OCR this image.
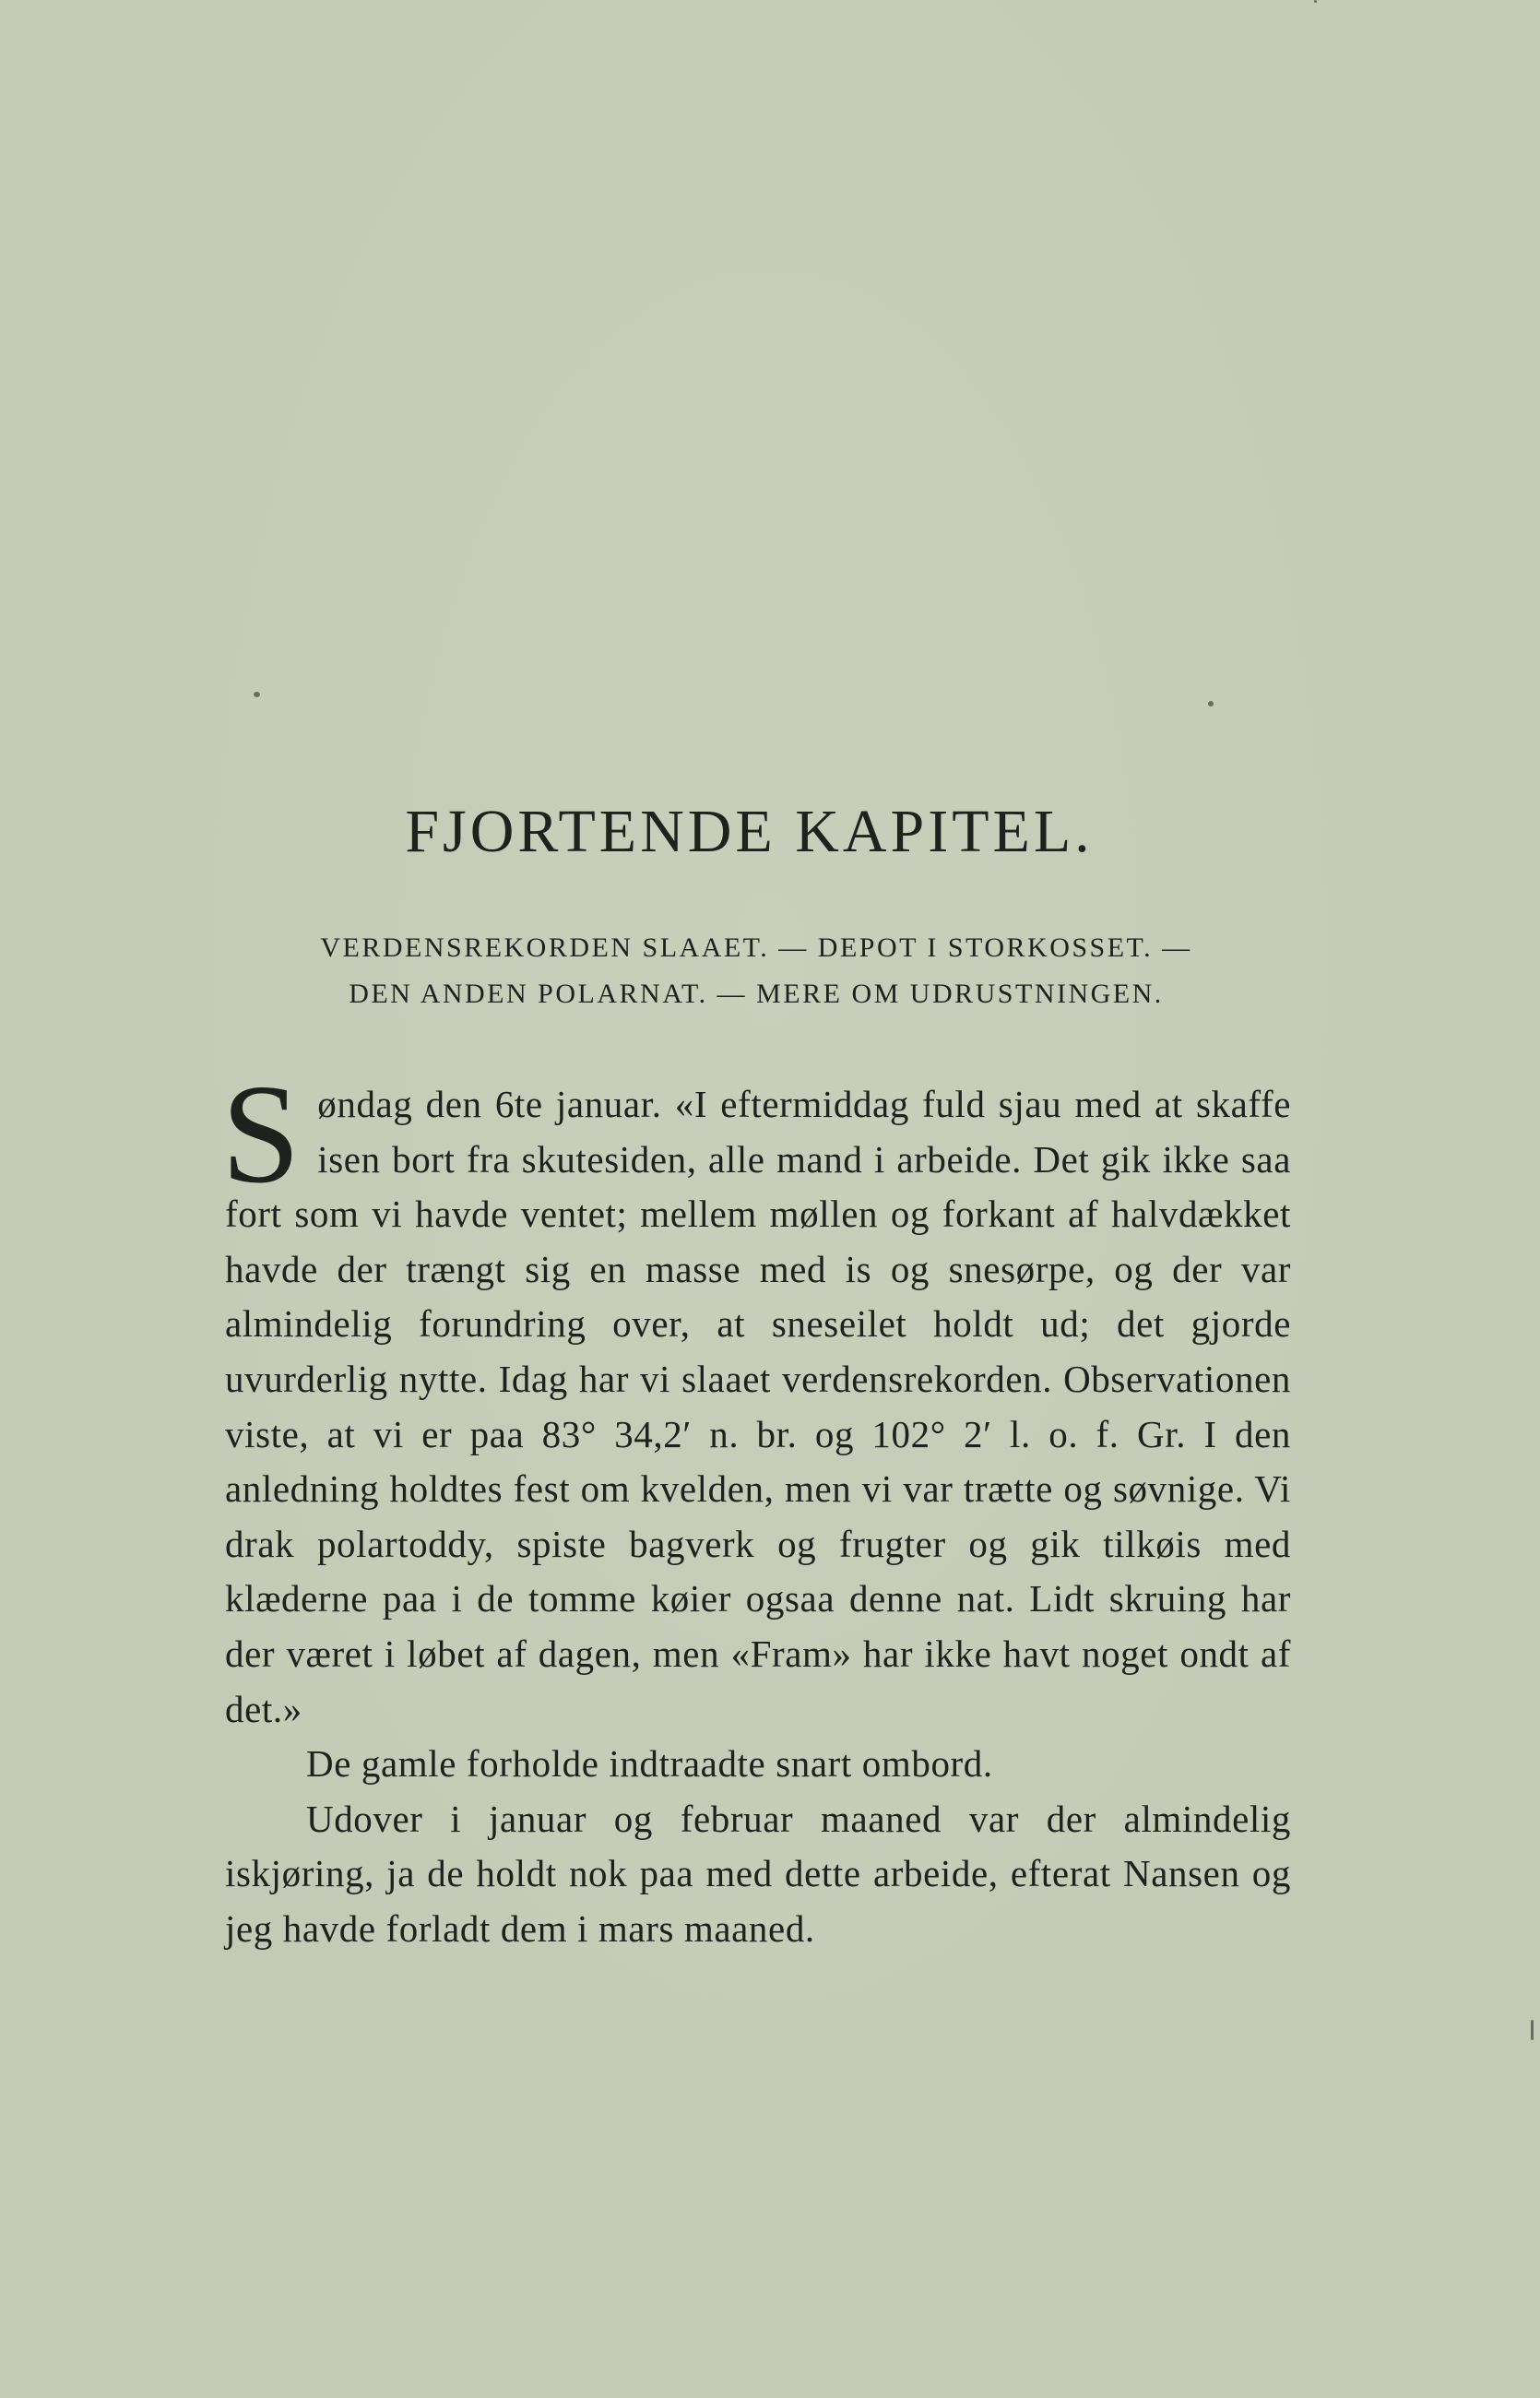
FJORTENDE KAPITEL.
VERDENSREKORDEN SLAAET. — DEPOT I STORKOSSET. —
DEN ANDEN POLARNAT. — MERE OM UDRUSTNINGEN.

Søndag den 6te januar. «I eftermiddag fuld sjau med at skaffe isen bort fra skutesiden, alle mand i arbeide. Det gik ikke saa fort som vi havde ventet; mellem møllen og forkant af halvdækket havde der trængt sig en masse med is og snesørpe, og der var almindelig forundring over, at sneseilet holdt ud; det gjorde uvurderlig nytte. Idag har vi slaaet verdensrekorden. Observationen viste, at vi er paa 83° 34,2′ n. br. og 102° 2′ l. o. f. Gr. I den anledning holdtes fest om kvelden, men vi var trætte og søvnige. Vi drak polartoddy, spiste bagverk og frugter og gik tilkøis med klæderne paa i de tomme køier ogsaa denne nat. Lidt skruing har der været i løbet af dagen, men «Fram» har ikke havt noget ondt af det.»

De gamle forholde indtraadte snart ombord.

Udover i januar og februar maaned var der almindelig iskjøring, ja de holdt nok paa med dette arbeide, efterat Nansen og jeg havde forladt dem i mars maaned.
